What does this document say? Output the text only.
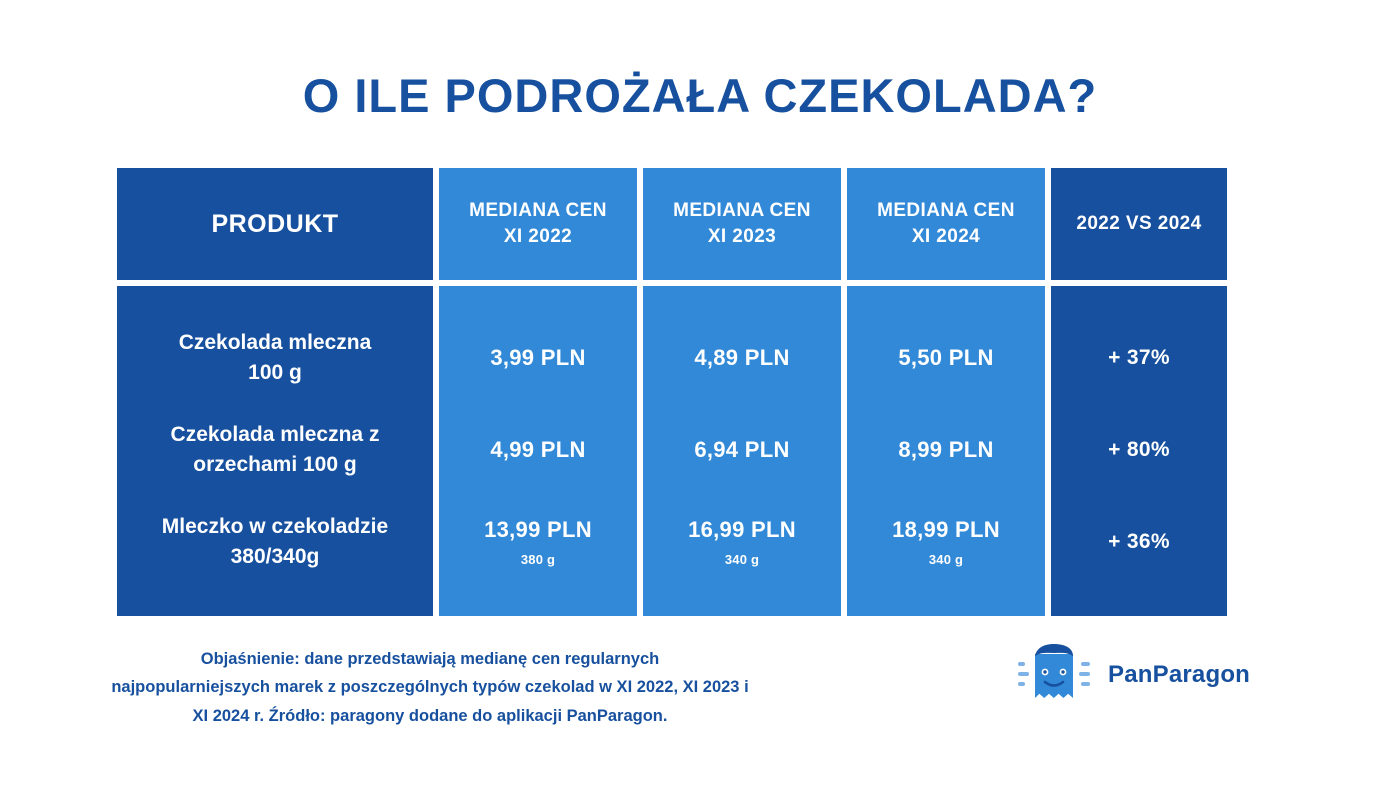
O ILE PODROŻAŁA CZEKOLADA?
PRODUKT	MEDIANA CEN
XI 2022
MEDIANA CEN
XI 2023
MEDIANA CEN
XI 2024
2022 VS 2024
Czekolada mleczna
100 g
Czekolada mleczna z
orzechami 100 g
Mleczko w czekoladzie
380/340g
3,99 PLN
4,99 PLN
13,99 PLN
380 g
4,89 PLN
6,94 PLN
16,99 PLN
340 g
5,50 PLN
8,99 PLN
18,99 PLN
340 g
+ 37%
+ 80%
+ 36%
Objaśnienie: dane przedstawiają medianę cen regularnych
najpopularniejszych marek z poszczególnych typów czekolad w XI 2022, XI 2023 i
XI 2024 r. Źródło: paragony dodane do aplikacji PanParagon.
PanParagon
